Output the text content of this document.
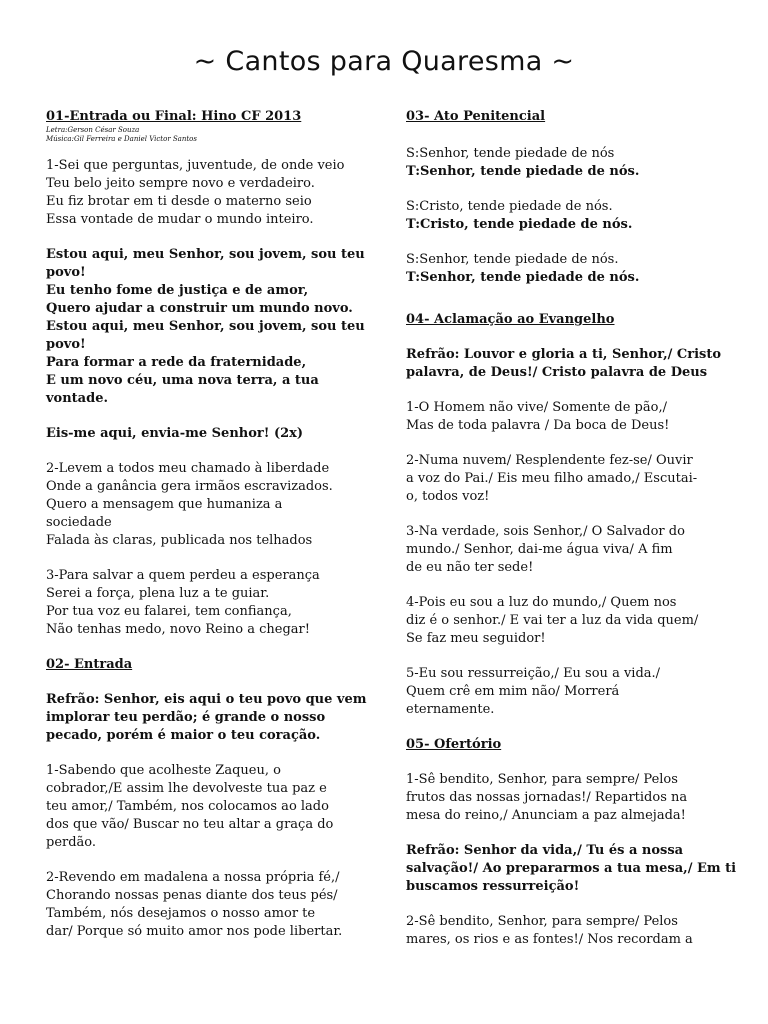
~ Cantos para Quaresma ~
01-Entrada ou Final: Hino CF 2013
Letra:Gerson César Souza
Música:Gil Ferreira e Daniel Victor Santos

1-Sei que perguntas, juventude, de onde veio
Teu belo jeito sempre novo e verdadeiro.
Eu fiz brotar em ti desde o materno seio
Essa vontade de mudar o mundo inteiro.

Estou aqui, meu Senhor, sou jovem, sou teu
povo!
Eu tenho fome de justiça e de amor,
Quero ajudar a construir um mundo novo.
Estou aqui, meu Senhor, sou jovem, sou teu
povo!
Para formar a rede da fraternidade,
E um novo céu, uma nova terra, a tua
vontade.

Eis-me aqui, envia-me Senhor! (2x)

2-Levem a todos meu chamado à liberdade
Onde a ganância gera irmãos escravizados.
Quero a mensagem que humaniza a
sociedade
Falada às claras, publicada nos telhados

3-Para salvar a quem perdeu a esperança
Serei a força, plena luz a te guiar.
Por tua voz eu falarei, tem confiança,
Não tenhas medo, novo Reino a chegar!

02- Entrada

Refrão: Senhor, eis aqui o teu povo que vem
implorar teu perdão; é grande o nosso
pecado, porém é maior o teu coração.

1-Sabendo que acolheste Zaqueu, o
cobrador,/E assim lhe devolveste tua paz e
teu amor,/ Também, nos colocamos ao lado
dos que vão/ Buscar no teu altar a graça do
perdão.

2-Revendo em madalena a nossa própria fé,/
Chorando nossas penas diante dos teus pés/
Também, nós desejamos o nosso amor te
dar/ Porque só muito amor nos pode libertar.

03- Ato Penitencial

S:Senhor, tende piedade de nós
T:Senhor, tende piedade de nós.

S:Cristo, tende piedade de nós.
T:Cristo, tende piedade de nós.

S:Senhor, tende piedade de nós.
T:Senhor, tende piedade de nós.

04- Aclamação ao Evangelho

Refrão: Louvor e gloria a ti, Senhor,/ Cristo
palavra, de Deus!/ Cristo palavra de Deus

1-O Homem não vive/ Somente de pão,/
Mas de toda palavra / Da boca de Deus!

2-Numa nuvem/ Resplendente fez-se/ Ouvir
a voz do Pai./ Eis meu filho amado,/ Escutai-
o, todos voz!

3-Na verdade, sois Senhor,/ O Salvador do
mundo./ Senhor, dai-me água viva/ A fim
de eu não ter sede!

4-Pois eu sou a luz do mundo,/ Quem nos
diz é o senhor./ E vai ter a luz da vida quem/
Se faz meu seguidor!

5-Eu sou ressurreição,/ Eu sou a vida./
Quem crê em mim não/ Morrerá
eternamente.

05- Ofertório

1-Sê bendito, Senhor, para sempre/ Pelos
frutos das nossas jornadas!/ Repartidos na
mesa do reino,/ Anunciam a paz almejada!

Refrão: Senhor da vida,/ Tu és a nossa
salvação!/ Ao prepararmos a tua mesa,/ Em ti
buscamos ressurreição!

2-Sê bendito, Senhor, para sempre/ Pelos
mares, os rios e as fontes!/ Nos recordam a
